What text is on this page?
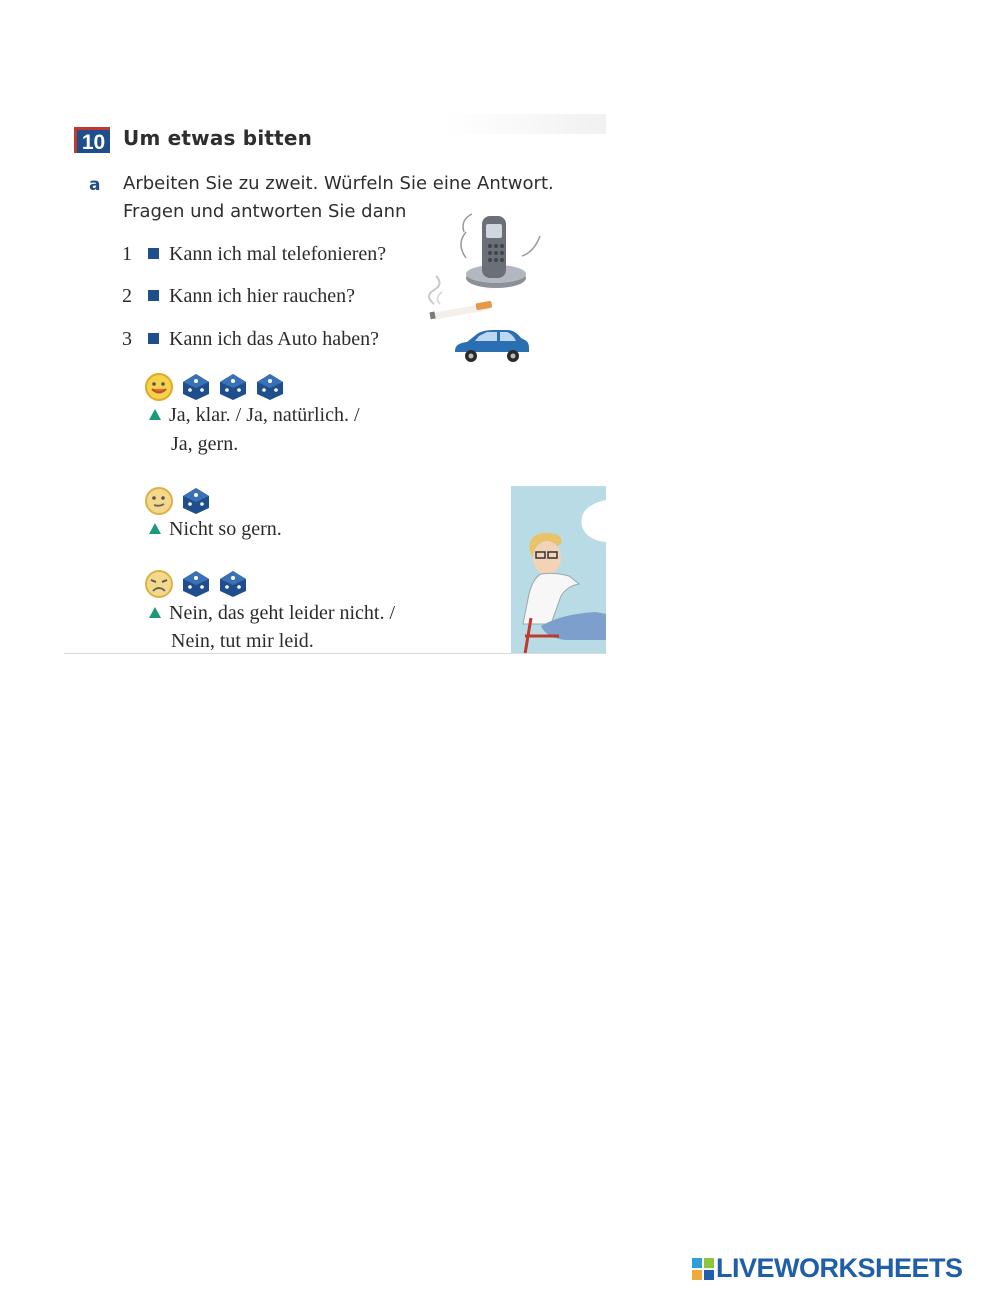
10 Um etwas bitten
a Arbeiten Sie zu zweit. Würfeln Sie eine Antwort.
Fragen und antworten Sie dann
1 Kann ich mal telefonieren?
2 Kann ich hier rauchen?
3 Kann ich das Auto haben?
Ja, klar. / Ja, natürlich. /
Ja, gern.
Nicht so gern.
Nein, das geht leider nicht. /
Nein, tut mir leid.
LIVEWORKSHEETS
